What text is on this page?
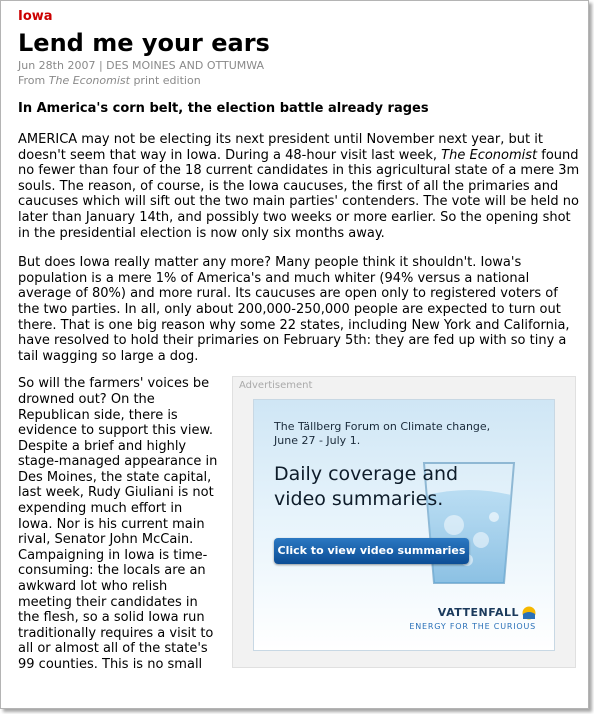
Iowa
Lend me your ears
Jun 28th 2007 | DES MOINES AND OTTUMWA
From The Economist print edition
In America's corn belt, the election battle already rages

AMERICA may not be electing its next president until November next year, but it doesn't seem that way in Iowa. During a 48-hour visit last week, The Economist found no fewer than four of the 18 current candidates in this agricultural state of a mere 3m souls. The reason, of course, is the Iowa caucuses, the first of all the primaries and caucuses which will sift out the two main parties' contenders. The vote will be held no later than January 14th, and possibly two weeks or more earlier. So the opening shot in the presidential election is now only six months away.

But does Iowa really matter any more? Many people think it shouldn't. Iowa's population is a mere 1% of America's and much whiter (94% versus a national average of 80%) and more rural. Its caucuses are open only to registered voters of the two parties. In all, only about 200,000-250,000 people are expected to turn out there. That is one big reason why some 22 states, including New York and California, have resolved to hold their primaries on February 5th: they are fed up with so tiny a tail wagging so large a dog.

So will the farmers' voices be drowned out? On the Republican side, there is evidence to support this view. Despite a brief and highly stage-managed appearance in Des Moines, the state capital, last week, Rudy Giuliani is not expending much effort in Iowa. Nor is his current main rival, Senator John McCain. Campaigning in Iowa is time-consuming: the locals are an awkward lot who relish meeting their candidates in the flesh, so a solid Iowa run traditionally requires a visit to all or almost all of the state's 99 counties. This is no small

Advertisement
The Tällberg Forum on Climate change,
June 27 - July 1.
Daily coverage and
video summaries.
Click to view video summaries
VATTENFALL
ENERGY FOR THE CURIOUS
